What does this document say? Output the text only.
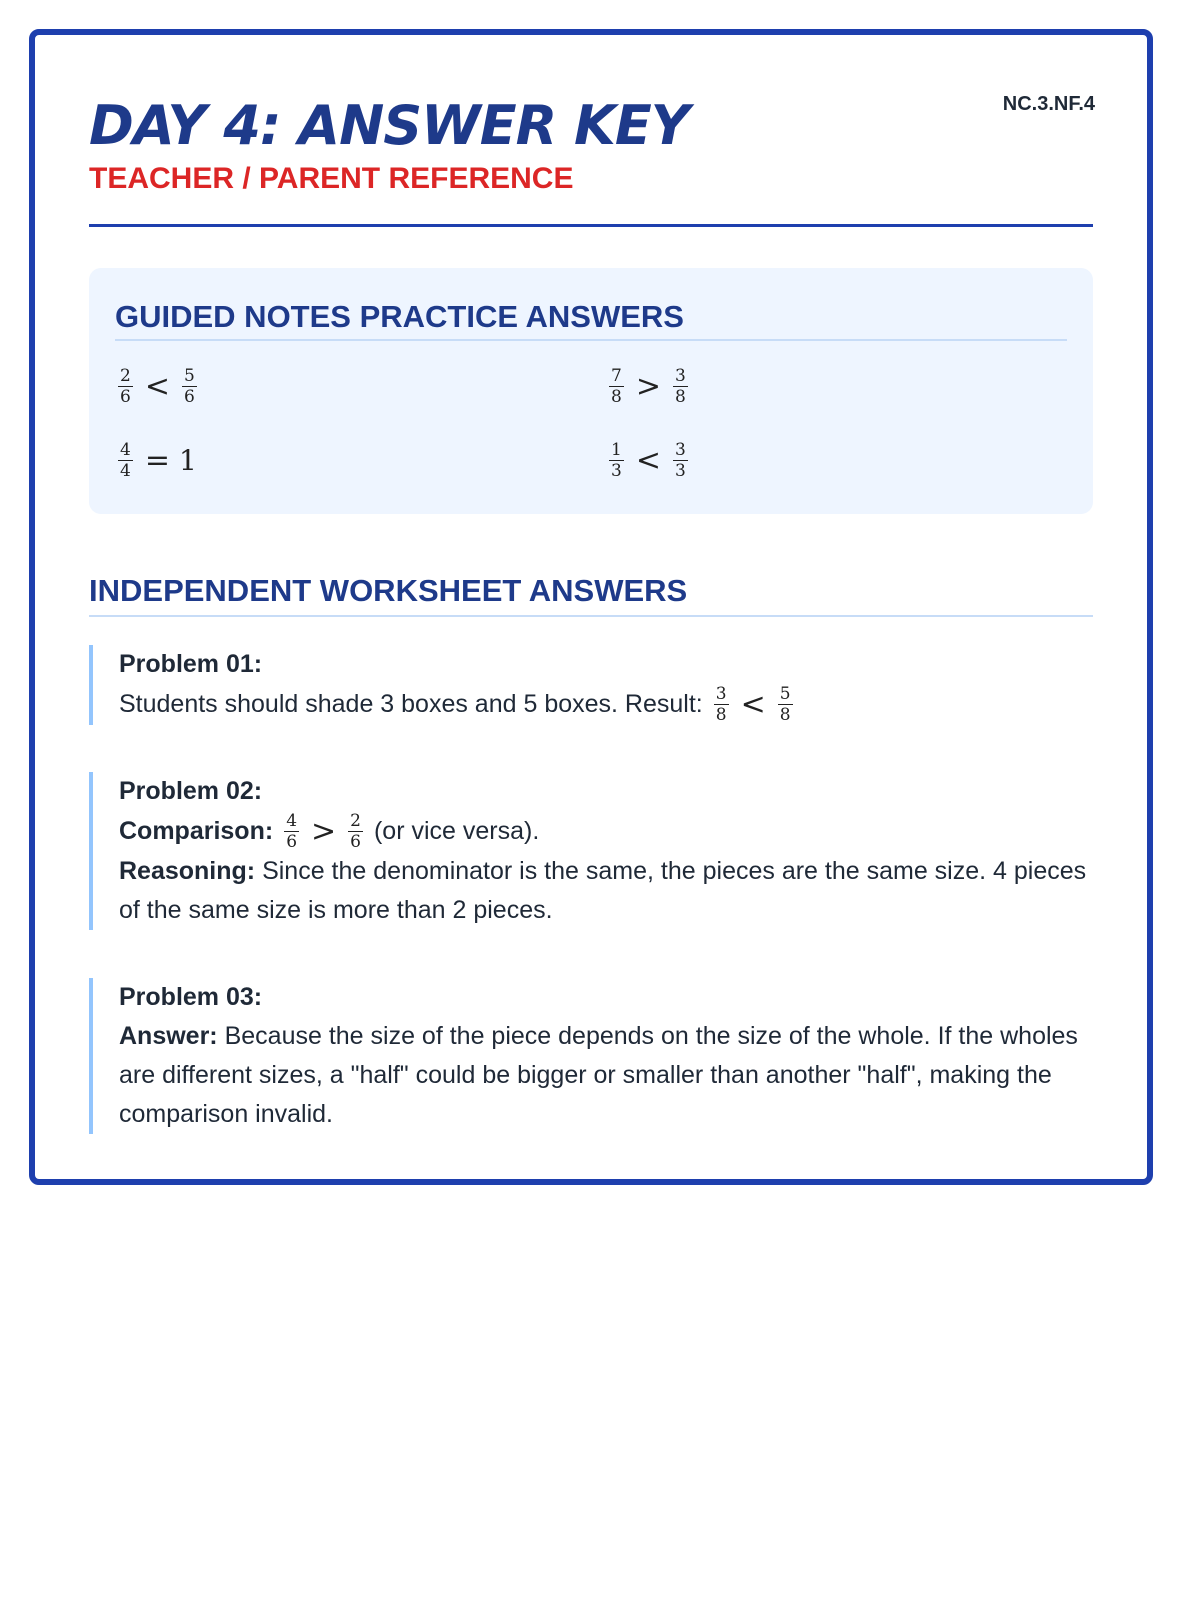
DAY 4: ANSWER KEY
TEACHER / PARENT REFERENCE
NC.3.NF.4
GUIDED NOTES PRACTICE ANSWERS
$\frac{2}{6} < \frac{5}{6}$	$\frac{7}{8} > \frac{3}{8}$
$\frac{4}{4} = 1$	$\frac{1}{3} < \frac{3}{3}$
INDEPENDENT WORKSHEET ANSWERS
Problem 01:
Students should shade 3 boxes and 5 boxes. Result: $\frac{3}{8} < \frac{5}{8}$
Problem 02:
Comparison: $\frac{4}{6} > \frac{2}{6} (or$ vice versa).
Reasoning: Since the denominator is the same, the pieces are the same size. 4 pieces of the same size is more than 2 pieces.
Problem 03:
Answer: Because the size of the piece depends on the size of the whole. If the wholes are different sizes, a "half" could be bigger or smaller than another "half", making the comparison invalid.
